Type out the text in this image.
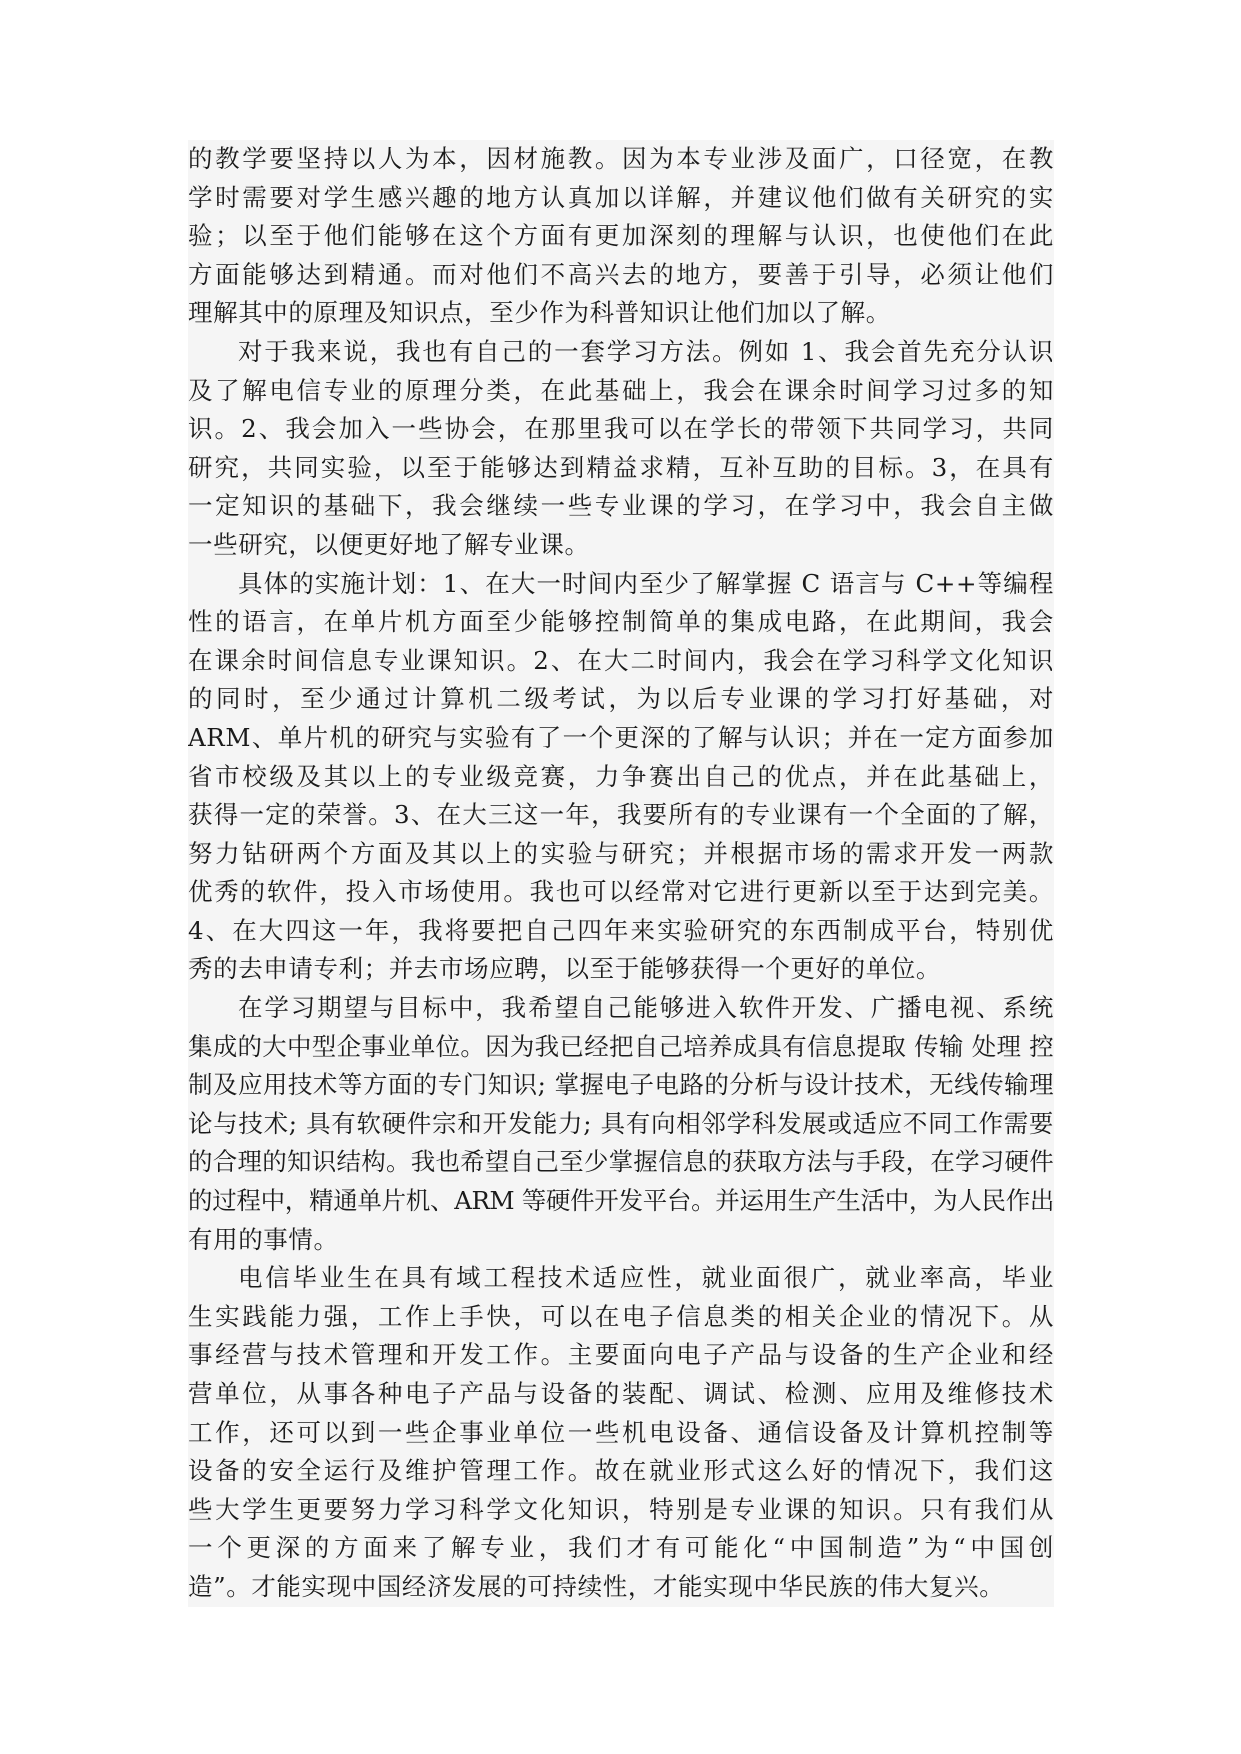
的教学要坚持以人为本，因材施教。因为本专业涉及面广，口径宽，在教
学时需要对学生感兴趣的地方认真加以详解，并建议他们做有关研究的实
验；以至于他们能够在这个方面有更加深刻的理解与认识，也使他们在此
方面能够达到精通。而对他们不高兴去的地方，要善于引导，必须让他们
理解其中的原理及知识点，至少作为科普知识让他们加以了解。
对于我来说，我也有自己的一套学习方法。例如 1、我会首先充分认识
及了解电信专业的原理分类，在此基础上，我会在课余时间学习过多的知
识。2、我会加入一些协会，在那里我可以在学长的带领下共同学习，共同
研究，共同实验，以至于能够达到精益求精，互补互助的目标。3，在具有
一定知识的基础下，我会继续一些专业课的学习，在学习中，我会自主做
一些研究，以便更好地了解专业课。
具体的实施计划：1、在大一时间内至少了解掌握 C 语言与 C++等编程
性的语言，在单片机方面至少能够控制简单的集成电路，在此期间，我会
在课余时间信息专业课知识。2、在大二时间内，我会在学习科学文化知识
的同时，至少通过计算机二级考试，为以后专业课的学习打好基础，对
ARM、单片机的研究与实验有了一个更深的了解与认识；并在一定方面参加
省市校级及其以上的专业级竞赛，力争赛出自己的优点，并在此基础上，
获得一定的荣誉。3、在大三这一年，我要所有的专业课有一个全面的了解，
努力钻研两个方面及其以上的实验与研究；并根据市场的需求开发一两款
优秀的软件，投入市场使用。我也可以经常对它进行更新以至于达到完美。
4、在大四这一年，我将要把自己四年来实验研究的东西制成平台，特别优
秀的去申请专利；并去市场应聘，以至于能够获得一个更好的单位。
在学习期望与目标中，我希望自己能够进入软件开发、广播电视、系统
集成的大中型企事业单位。因为我已经把自己培养成具有信息提取 传输 处理 控
制及应用技术等方面的专门知识; 掌握电子电路的分析与设计技术，无线传输理
论与技术; 具有软硬件宗和开发能力; 具有向相邻学科发展或适应不同工作需要
的合理的知识结构。我也希望自己至少掌握信息的获取方法与手段，在学习硬件
的过程中，精通单片机、ARM 等硬件开发平台。并运用生产生活中，为人民作出
有用的事情。
电信毕业生在具有域工程技术适应性，就业面很广，就业率高，毕业
生实践能力强，工作上手快，可以在电子信息类的相关企业的情况下。从
事经营与技术管理和开发工作。主要面向电子产品与设备的生产企业和经
营单位，从事各种电子产品与设备的装配、调试、检测、应用及维修技术
工作，还可以到一些企事业单位一些机电设备、通信设备及计算机控制等
设备的安全运行及维护管理工作。故在就业形式这么好的情况下，我们这
些大学生更要努力学习科学文化知识，特别是专业课的知识。只有我们从
一个更深的方面来了解专业，我们才有可能化“中国制造”为“中国创
造”。才能实现中国经济发展的可持续性，才能实现中华民族的伟大复兴。
